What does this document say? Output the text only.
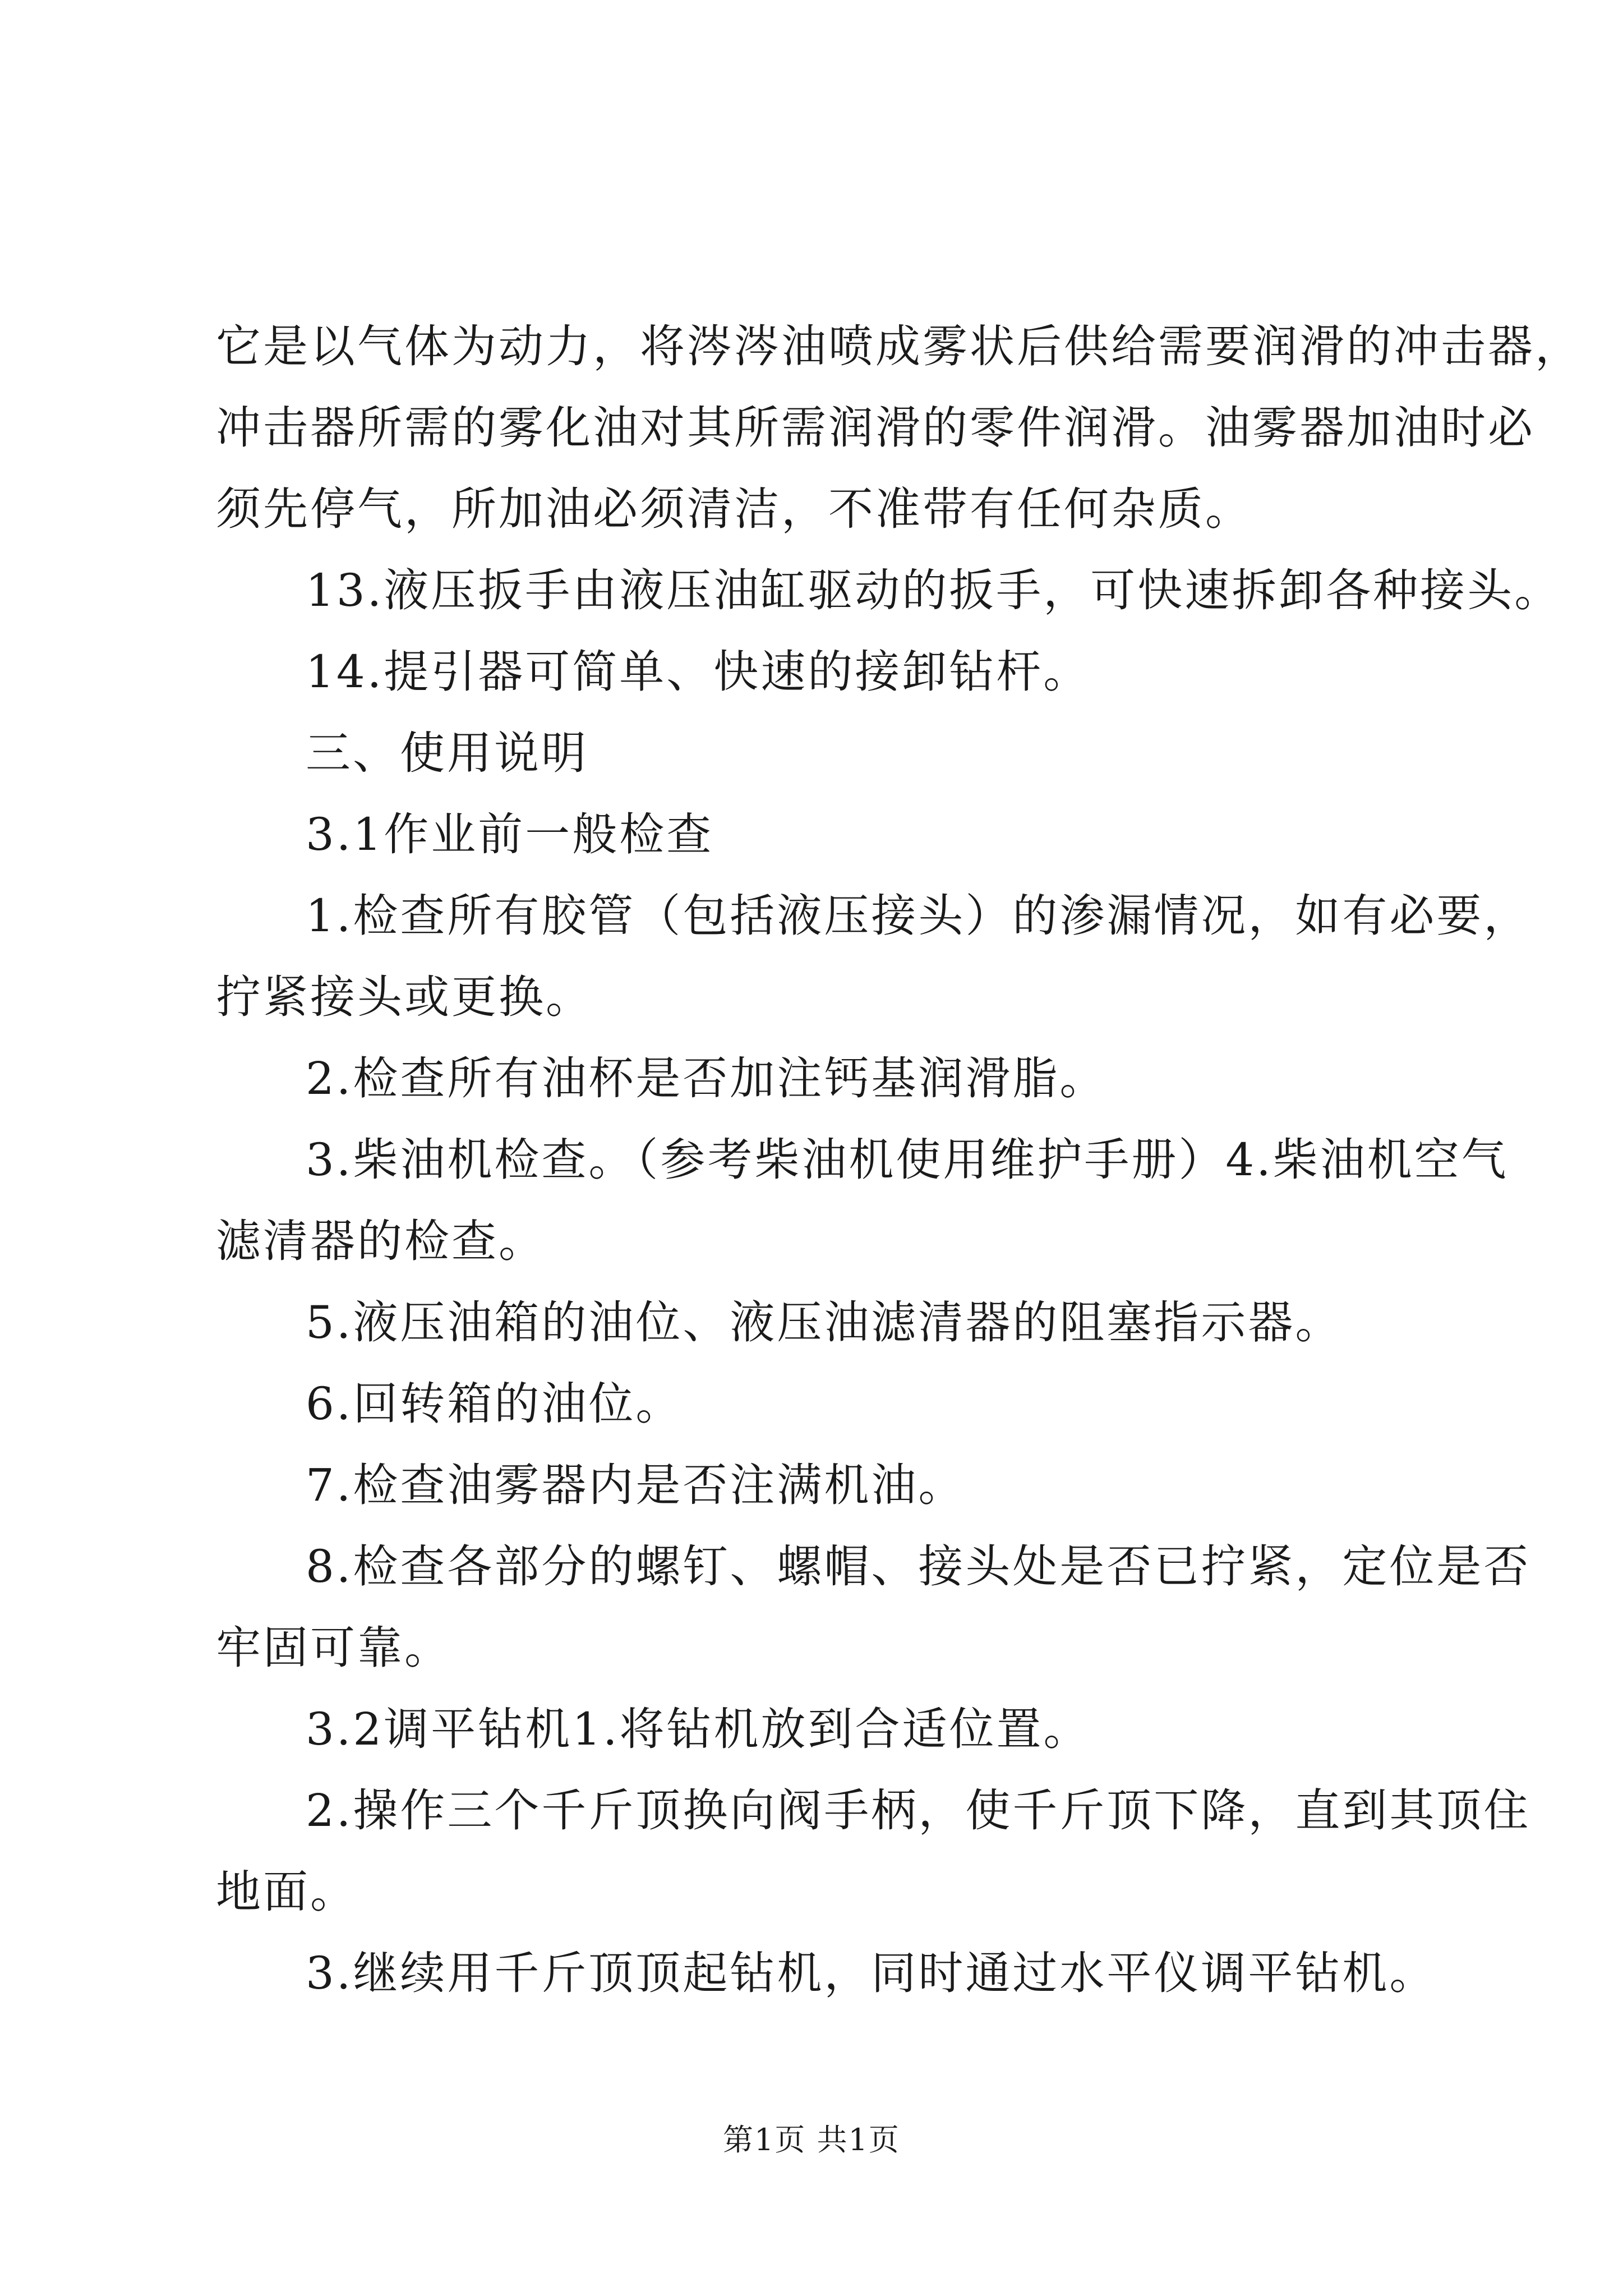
它是以气体为动力，将涔涔油喷成雾状后供给需要润滑的冲击器，
冲击器所需的雾化油对其所需润滑的零件润滑。油雾器加油时必
须先停气，所加油必须清洁，不准带有任何杂质。
13.液压扳手由液压油缸驱动的扳手，可快速拆卸各种接头。
14.提引器可简单、快速的接卸钻杆。
三、使用说明
3.1作业前一般检查
1.检查所有胶管（包括液压接头）的渗漏情况，如有必要，
拧紧接头或更换。
2.检查所有油杯是否加注钙基润滑脂。
3.柴油机检查。（参考柴油机使用维护手册）4.柴油机空气
滤清器的检查。
5.液压油箱的油位、液压油滤清器的阻塞指示器。
6.回转箱的油位。
7.检查油雾器内是否注满机油。
8.检查各部分的螺钉、螺帽、接头处是否已拧紧，定位是否
牢固可靠。
3.2调平钻机1.将钻机放到合适位置。
2.操作三个千斤顶换向阀手柄，使千斤顶下降，直到其顶住
地面。
3.继续用千斤顶顶起钻机，同时通过水平仪调平钻机。
第1页 共1页
